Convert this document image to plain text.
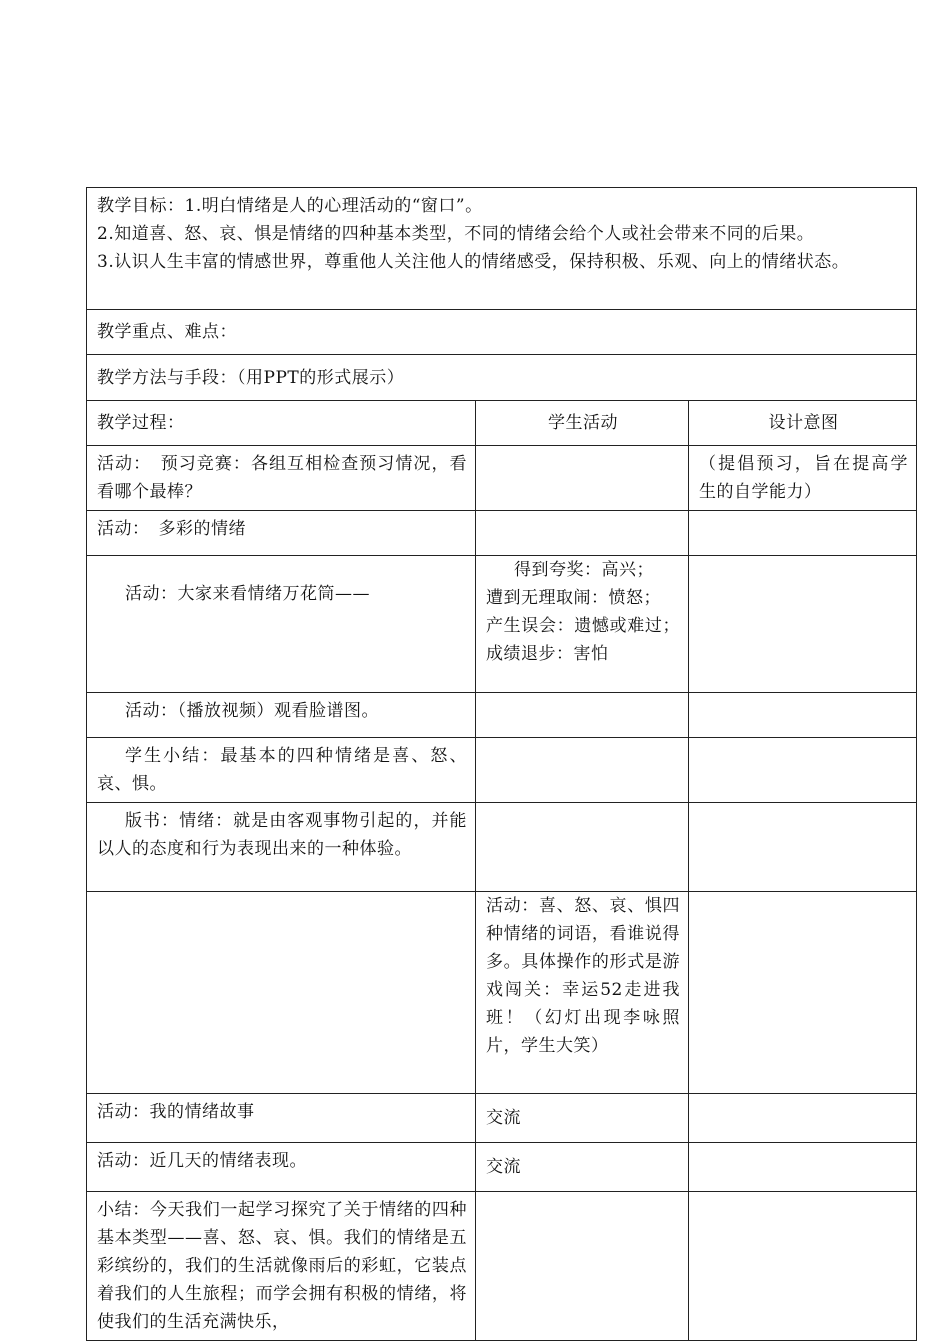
教学目标：1.明白情绪是人的心理活动的“窗口”。
2.知道喜、怒、哀、惧是情绪的四种基本类型，不同的情绪会给个人或社会带来不同的后果。
3.认识人生丰富的情感世界，尊重他人关注他人的情绪感受，保持积极、乐观、向上的情绪状态。		

教学重点、难点：		
教学方法与手段：（用PPT的形式展示）		
教学过程：	学生活动	设计意图
活动：　预习竞赛：各组互相检查预习情况，看看哪个最棒？		（提倡预习，旨在提高学生的自学能力）
活动：　多彩的情绪		
活动：大家来看情绪万花筒——	得到夸奖：高兴；
遭到无理取闹：愤怒；
产生误会：遗憾或难过；成绩退步：害怕	

活动：（播放视频）观看脸谱图。		
学生小结：最基本的四种情绪是喜、怒、哀、惧。		
版书：情绪：就是由客观事物引起的，并能以人的态度和行为表现出来的一种体验。		
	活动：喜、怒、哀、惧四种情绪的词语，看谁说得多。具体操作的形式是游戏闯关：幸运52走进我班！（幻灯出现李咏照片，学生大笑）	
活动：我的情绪故事	交流	
活动：近几天的情绪表现。	交流	
小结：今天我们一起学习探究了关于情绪的四种基本类型——喜、怒、哀、惧。我们的情绪是五彩缤纷的，我们的生活就像雨后的彩虹，它装点着我们的人生旅程；而学会拥有积极的情绪，将使我们的生活充满快乐，		
